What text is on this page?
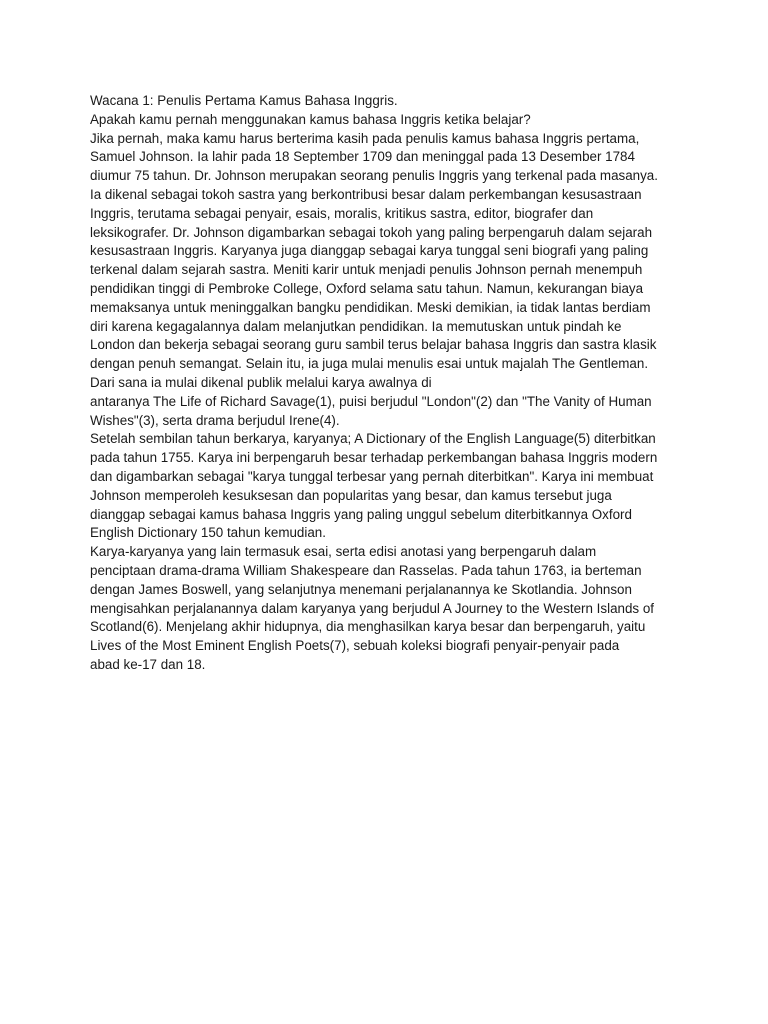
Wacana 1: Penulis Pertama Kamus Bahasa Inggris.
Apakah kamu pernah menggunakan kamus bahasa Inggris ketika belajar?
Jika pernah, maka kamu harus berterima kasih pada penulis kamus bahasa Inggris pertama,
Samuel Johnson. Ia lahir pada 18 September 1709 dan meninggal pada 13 Desember 1784
diumur 75 tahun. Dr. Johnson merupakan seorang penulis Inggris yang terkenal pada masanya.
Ia dikenal sebagai tokoh sastra yang berkontribusi besar dalam perkembangan kesusastraan
Inggris, terutama sebagai penyair, esais, moralis, kritikus sastra, editor, biografer dan
leksikografer. Dr. Johnson digambarkan sebagai tokoh yang paling berpengaruh dalam sejarah
kesusastraan Inggris. Karyanya juga dianggap sebagai karya tunggal seni biografi yang paling
terkenal dalam sejarah sastra. Meniti karir untuk menjadi penulis Johnson pernah menempuh
pendidikan tinggi di Pembroke College, Oxford selama satu tahun. Namun, kekurangan biaya
memaksanya untuk meninggalkan bangku pendidikan. Meski demikian, ia tidak lantas berdiam
diri karena kegagalannya dalam melanjutkan pendidikan. Ia memutuskan untuk pindah ke
London dan bekerja sebagai seorang guru sambil terus belajar bahasa Inggris dan sastra klasik
dengan penuh semangat. Selain itu, ia juga mulai menulis esai untuk majalah The Gentleman.
Dari sana ia mulai dikenal publik melalui karya awalnya di
antaranya The Life of Richard Savage(1), puisi berjudul "London"(2) dan "The Vanity of Human
Wishes"(3), serta drama berjudul Irene(4).
Setelah sembilan tahun berkarya, karyanya; A Dictionary of the English Language(5) diterbitkan
pada tahun 1755. Karya ini berpengaruh besar terhadap perkembangan bahasa Inggris modern
dan digambarkan sebagai "karya tunggal terbesar yang pernah diterbitkan". Karya ini membuat
Johnson memperoleh kesuksesan dan popularitas yang besar, dan kamus tersebut juga
dianggap sebagai kamus bahasa Inggris yang paling unggul sebelum diterbitkannya Oxford
English Dictionary 150 tahun kemudian.
Karya-karyanya yang lain termasuk esai, serta edisi anotasi yang berpengaruh dalam
penciptaan drama-drama William Shakespeare dan Rasselas. Pada tahun 1763, ia berteman
dengan James Boswell, yang selanjutnya menemani perjalanannya ke Skotlandia. Johnson
mengisahkan perjalanannya dalam karyanya yang berjudul A Journey to the Western Islands of
Scotland(6). Menjelang akhir hidupnya, dia menghasilkan karya besar dan berpengaruh, yaitu
Lives of the Most Eminent English Poets(7), sebuah koleksi biografi penyair-penyair pada
abad ke-17 dan 18.
